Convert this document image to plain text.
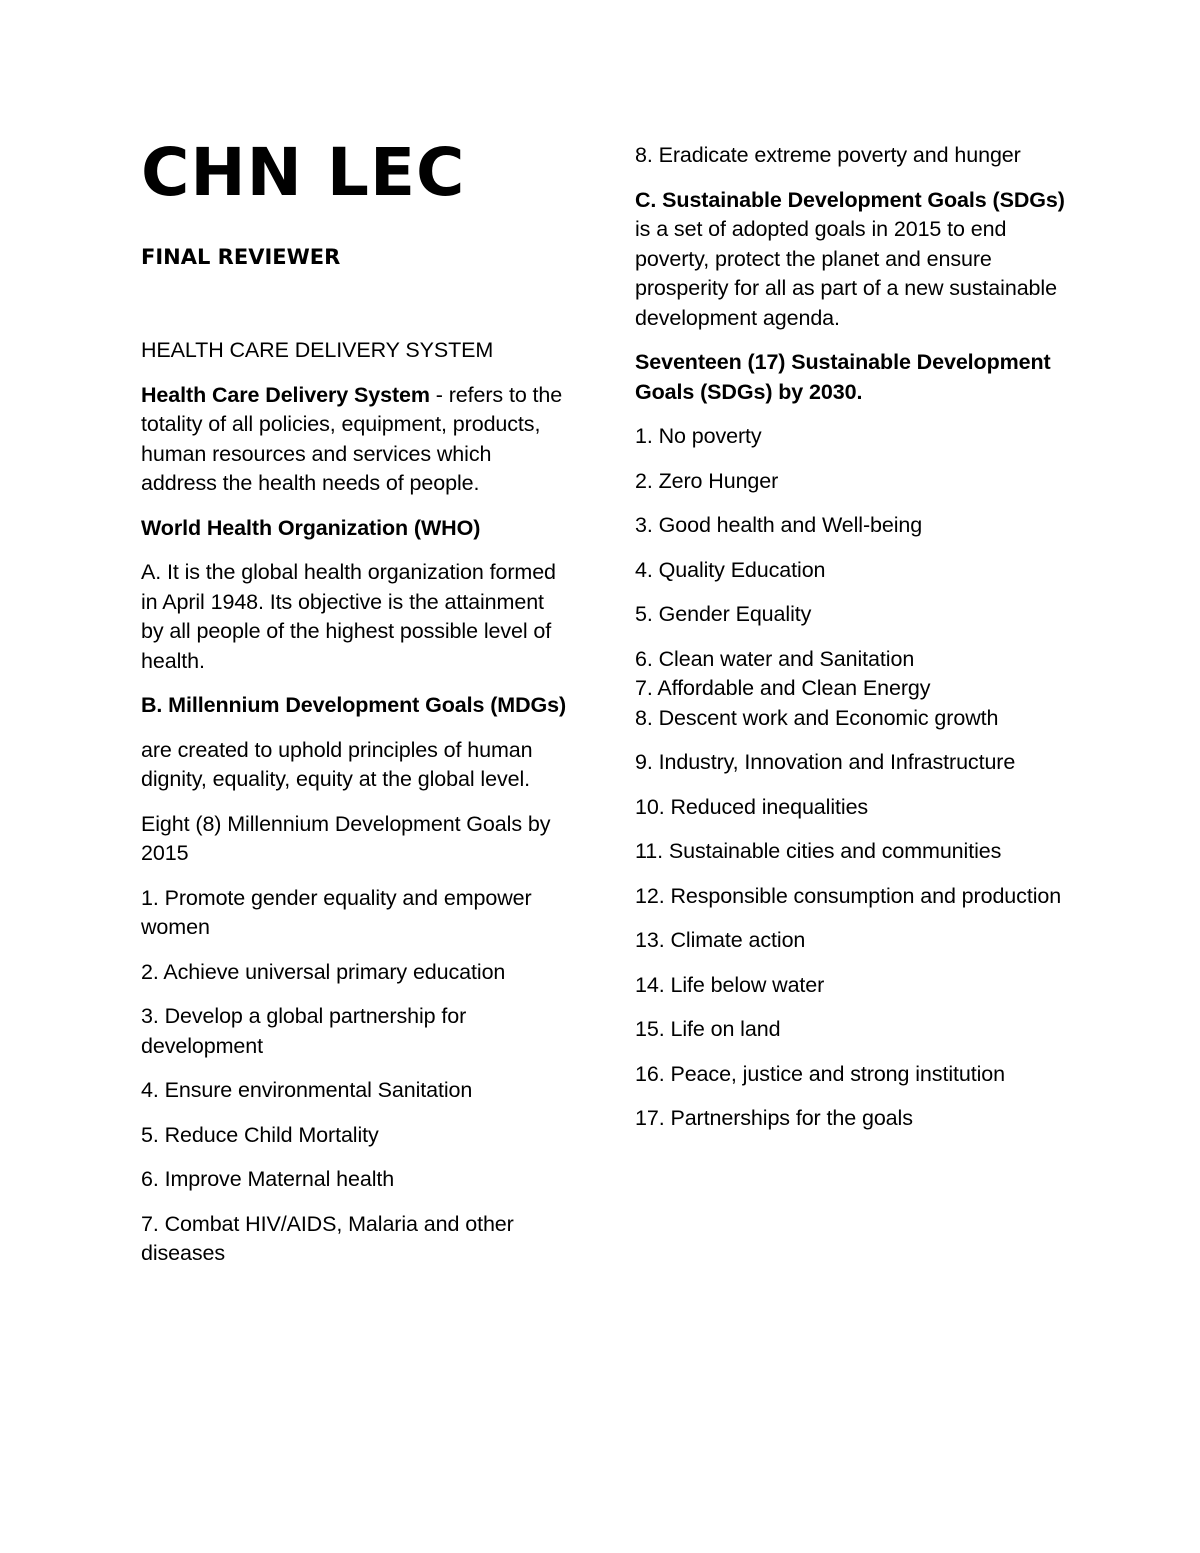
CHN LEC
FINAL REVIEWER

HEALTH CARE DELIVERY SYSTEM

Health Care Delivery System - refers to the totality of all policies, equipment, products, human resources and services which address the health needs of people.

World Health Organization (WHO)

A. It is the global health organization formed in April 1948. Its objective is the attainment by all people of the highest possible level of health.

B. Millennium Development Goals (MDGs)

are created to uphold principles of human dignity, equality, equity at the global level.

Eight (8) Millennium Development Goals by 2015

1. Promote gender equality and empower women

2. Achieve universal primary education

3. Develop a global partnership for development

4. Ensure environmental Sanitation

5. Reduce Child Mortality

6. Improve Maternal health

7. Combat HIV/AIDS, Malaria and other diseases

8. Eradicate extreme poverty and hunger

C. Sustainable Development Goals (SDGs) is a set of adopted goals in 2015 to end poverty, protect the planet and ensure prosperity for all as part of a new sustainable development agenda.

Seventeen (17) Sustainable Development Goals (SDGs) by 2030.

1. No poverty

2. Zero Hunger

3. Good health and Well-being

4. Quality Education

5. Gender Equality

6. Clean water and Sanitation

7. Affordable and Clean Energy

8. Descent work and Economic growth

9. Industry, Innovation and Infrastructure

10. Reduced inequalities

11. Sustainable cities and communities

12. Responsible consumption and production

13. Climate action

14. Life below water

15. Life on land

16. Peace, justice and strong institution

17. Partnerships for the goals
